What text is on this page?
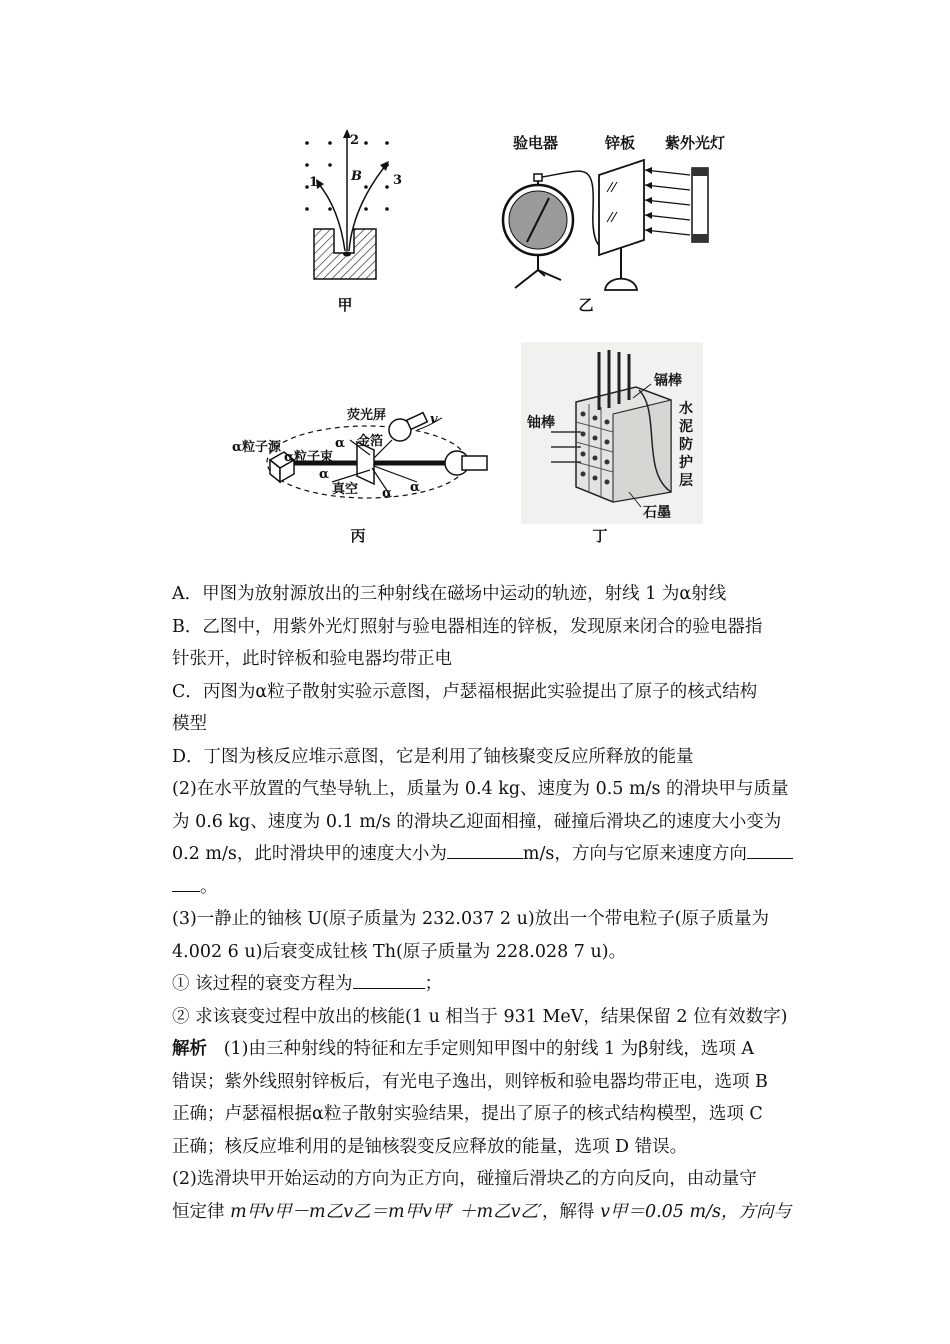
1
2
3
B
甲
验电器	锌板 紫外光灯
乙
α粒子源
α粒子束
金箔
荧光屏
真空
v
α
α
α α
丙
镉棒
铀棒
水
泥
防
护
层
石墨
丁

A．甲图为放射源放出的三种射线在磁场中运动的轨迹，射线 1 为α射线

B．乙图中，用紫外光灯照射与验电器相连的锌板，发现原来闭合的验电器指

针张开，此时锌板和验电器均带正电

C．丙图为α粒子散射实验示意图，卢瑟福根据此实验提出了原子的核式结构

模型

D．丁图为核反应堆示意图，它是利用了铀核聚变反应所释放的能量

(2)在水平放置的气垫导轨上，质量为 0.4 kg、速度为 0.5 m/s 的滑块甲与质量

为 0.6 kg、速度为 0.1 m/s 的滑块乙迎面相撞，碰撞后滑块乙的速度大小变为

0.2 m/s，此时滑块甲的速度大小为	m/s，方向与它原来速度方向

。

(3)一静止的铀核 U(原子质量为 232.037 2 u)放出一个带电粒子(原子质量为

4.002 6 u)后衰变成钍核 Th(原子质量为 228.028 7 u)。

① 该过程的衰变方程为	；

② 求该衰变过程中放出的核能(1 u 相当于 931 MeV，结果保留 2 位有效数字)

解析 (1)由三种射线的特征和左手定则知甲图中的射线 1 为β射线，选项 A

错误；紫外线照射锌板后，有光电子逸出，则锌板和验电器均带正电，选项 B

正确；卢瑟福根据α粒子散射实验结果，提出了原子的核式结构模型，选项 C

正确；核反应堆利用的是铀核裂变反应释放的能量，选项 D 错误。

(2)选滑块甲开始运动的方向为正方向，碰撞后滑块乙的方向反向，由动量守

恒定律 m甲v甲－m乙v乙＝m甲v甲′ ＋m乙v乙′，解得 v甲＝0.05 m/s，方向与
